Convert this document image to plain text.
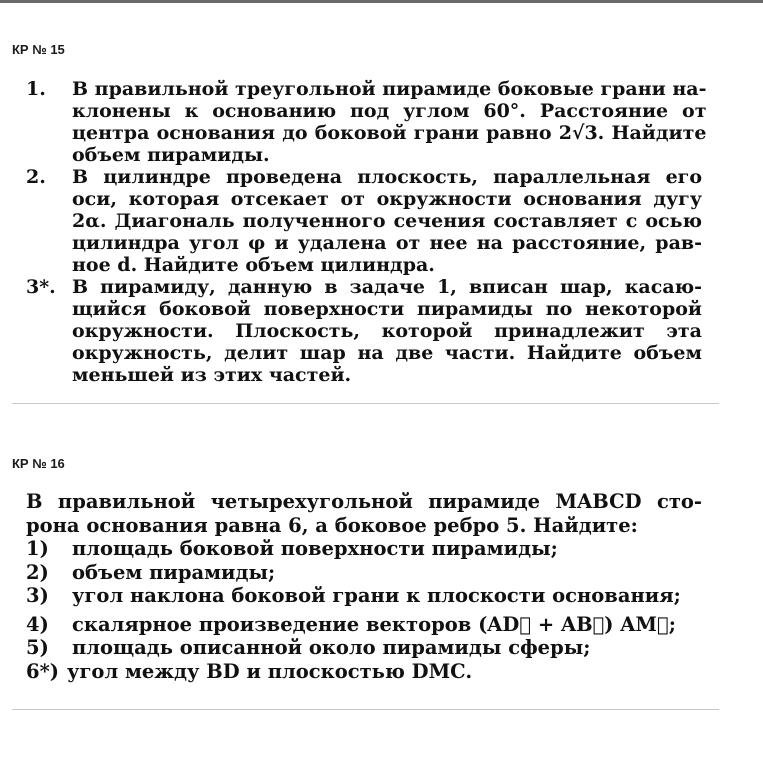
КР № 15
1.	В правильной треугольной пирамиде боковые грани на-
клонены к основанию под углом 60°. Расстояние от
центра основания до боковой грани равно 2√3. Найдите
объем пирамиды.
2.	В цилиндре проведена плоскость, параллельная его
оси, которая отсекает от окружности основания дугу
2α. Диагональ полученного сечения составляет с осью
цилиндра угол φ и удалена от нее на расстояние, рав-
ное d. Найдите объем цилиндра.
3*. В пирамиду, данную в задаче 1, вписан шар, касаю-
щийся боковой поверхности пирамиды по некоторой
окружности. Плоскость, которой принадлежит эта
окружность, делит шар на две части. Найдите объем
меньшей из этих частей.
КР № 16
В правильной четырехугольной пирамиде MABCD сто-
рона основания равна 6, а боковое ребро 5. Найдите:
1)	площадь боковой поверхности пирамиды;
2)	объем пирамиды;
3)	угол наклона боковой грани к плоскости основания;
4)	скалярное произведение векторов (AD⃗ + AB⃗) AM⃗;
5)	площадь описанной около пирамиды сферы;
6*) угол между BD и плоскостью DMC.
